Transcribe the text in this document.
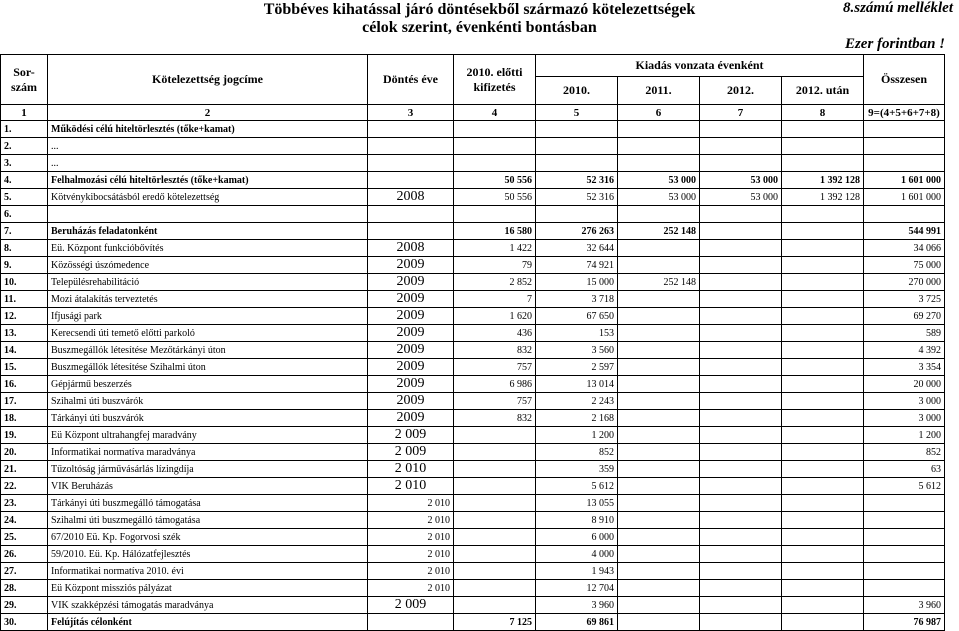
Többéves kihatással járó döntésekből származó kötelezettségek
célok szerint, évenkénti bontásban
8.számú melléklet
Ezer forintban !
Sor-szám	Kötelezettség jogcíme	Döntés éve	2010. előtti kifizetés	Kiadás vonzata évenként				Összesen
				2010.	2011.	2012.	2012. után	
1	2	3	4	5	6	7	8	9=(4+5+6+7+8)
1.	Működési célú hiteltörlesztés (tőke+kamat)							
2.	...							
3.	...							
4.	Felhalmozási célú hiteltörlesztés (tőke+kamat)		50 556	52 316	53 000	53 000	1 392 128	1 601 000
5.	Kötvénykibocsátásból eredő kötelezettség	2008	50 556	52 316	53 000	53 000	1 392 128	1 601 000
6.								
7.	Beruházás feladatonként		16 580	276 263	252 148			544 991
8.	Eü. Központ funkcióbővítés	2008	1 422	32 644				34 066
9.	Közösségi úszómedence	2009	79	74 921				75 000
10.	Településrehabilitáció	2009	2 852	15 000	252 148			270 000
11.	Mozi átalakítás terveztetés	2009	7	3 718				3 725
12.	Ifjusági park	2009	1 620	67 650				69 270
13.	Kerecsendi úti temető előtti parkoló	2009	436	153				589
14.	Buszmegállók létesítése Mezőtárkányi úton	2009	832	3 560				4 392
15.	Buszmegállók létesítése Szihalmi úton	2009	757	2 597				3 354
16.	Gépjármű beszerzés	2009	6 986	13 014				20 000
17.	Szihalmi úti buszvárók	2009	757	2 243				3 000
18.	Tárkányi úti buszvárók	2009	832	2 168				3 000
19.	Eü Központ ultrahangfej maradvány	2 009		1 200				1 200
20.	Informatikai normatíva maradványa	2 009		852				852
21.	Tűzoltóság járművásárlás lízingdíja	2 010		359				63
22.	VIK Beruházás	2 010		5 612				5 612
23.	Tárkányi úti buszmegálló támogatása	2 010		13 055				
24.	Szihalmi úti buszmegálló támogatása	2 010		8 910				
25.	67/2010 Eü. Kp. Fogorvosi szék	2 010		6 000				
26.	59/2010. Eü. Kp. Hálózatfejlesztés	2 010		4 000				
27.	Informatikai normatíva 2010. évi	2 010		1 943				
28.	Eü Központ missziós pályázat	2 010		12 704				
29.	VIK szakképzési támogatás maradványa	2 009		3 960				3 960
30.	Felújítás célonként		7 125	69 861				76 987
